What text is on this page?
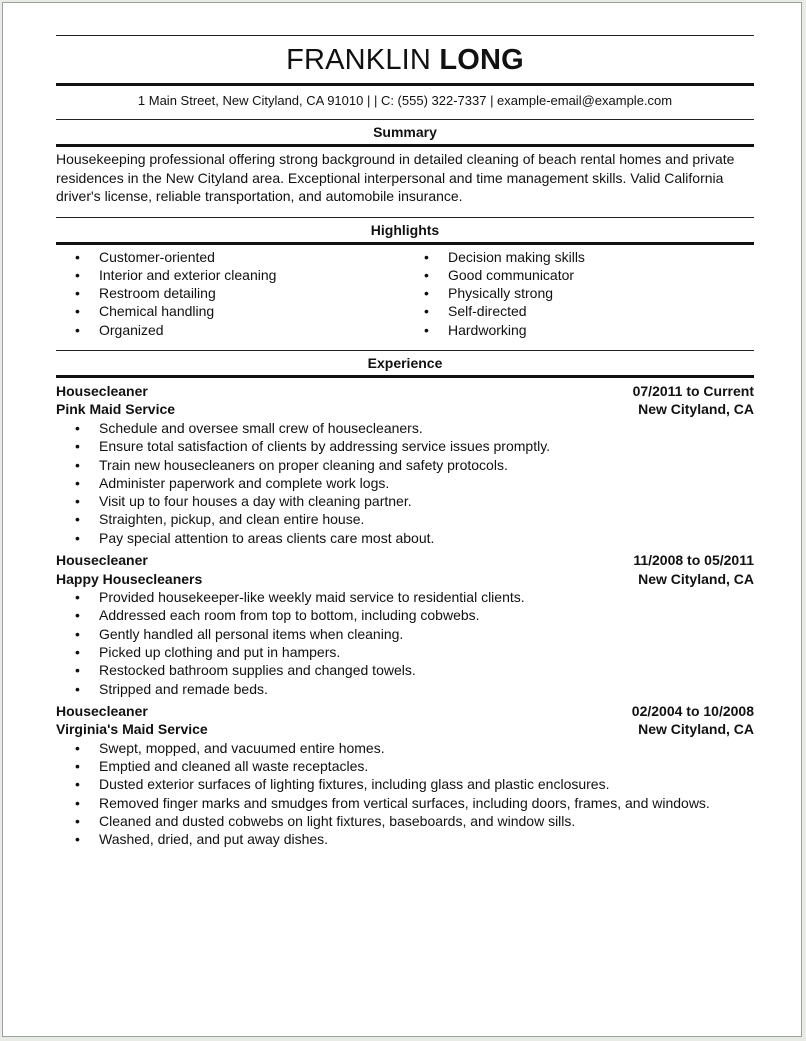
FRANKLIN LONG
1 Main Street, New Cityland, CA 91010 | | C: (555) 322-7337 | example-email@example.com
Summary
Housekeeping professional offering strong background in detailed cleaning of beach rental homes and private residences in the New Cityland area. Exceptional interpersonal and time management skills. Valid California driver's license, reliable transportation, and automobile insurance.
Highlights
• Customer-oriented
• Interior and exterior cleaning
• Restroom detailing
• Chemical handling
• Organized
• Decision making skills
• Good communicator
• Physically strong
• Self-directed
• Hardworking
Experience
Housecleaner	07/2011 to Current
Pink Maid Service	New Cityland, CA
• Schedule and oversee small crew of housecleaners.
• Ensure total satisfaction of clients by addressing service issues promptly.
• Train new housecleaners on proper cleaning and safety protocols.
• Administer paperwork and complete work logs.
• Visit up to four houses a day with cleaning partner.
• Straighten, pickup, and clean entire house.
• Pay special attention to areas clients care most about.
Housecleaner	11/2008 to 05/2011
Happy Housecleaners	New Cityland, CA
• Provided housekeeper-like weekly maid service to residential clients.
• Addressed each room from top to bottom, including cobwebs.
• Gently handled all personal items when cleaning.
• Picked up clothing and put in hampers.
• Restocked bathroom supplies and changed towels.
• Stripped and remade beds.
Housecleaner	02/2004 to 10/2008
Virginia's Maid Service	New Cityland, CA
• Swept, mopped, and vacuumed entire homes.
• Emptied and cleaned all waste receptacles.
• Dusted exterior surfaces of lighting fixtures, including glass and plastic enclosures.
• Removed finger marks and smudges from vertical surfaces, including doors, frames, and windows.
• Cleaned and dusted cobwebs on light fixtures, baseboards, and window sills.
• Washed, dried, and put away dishes.
